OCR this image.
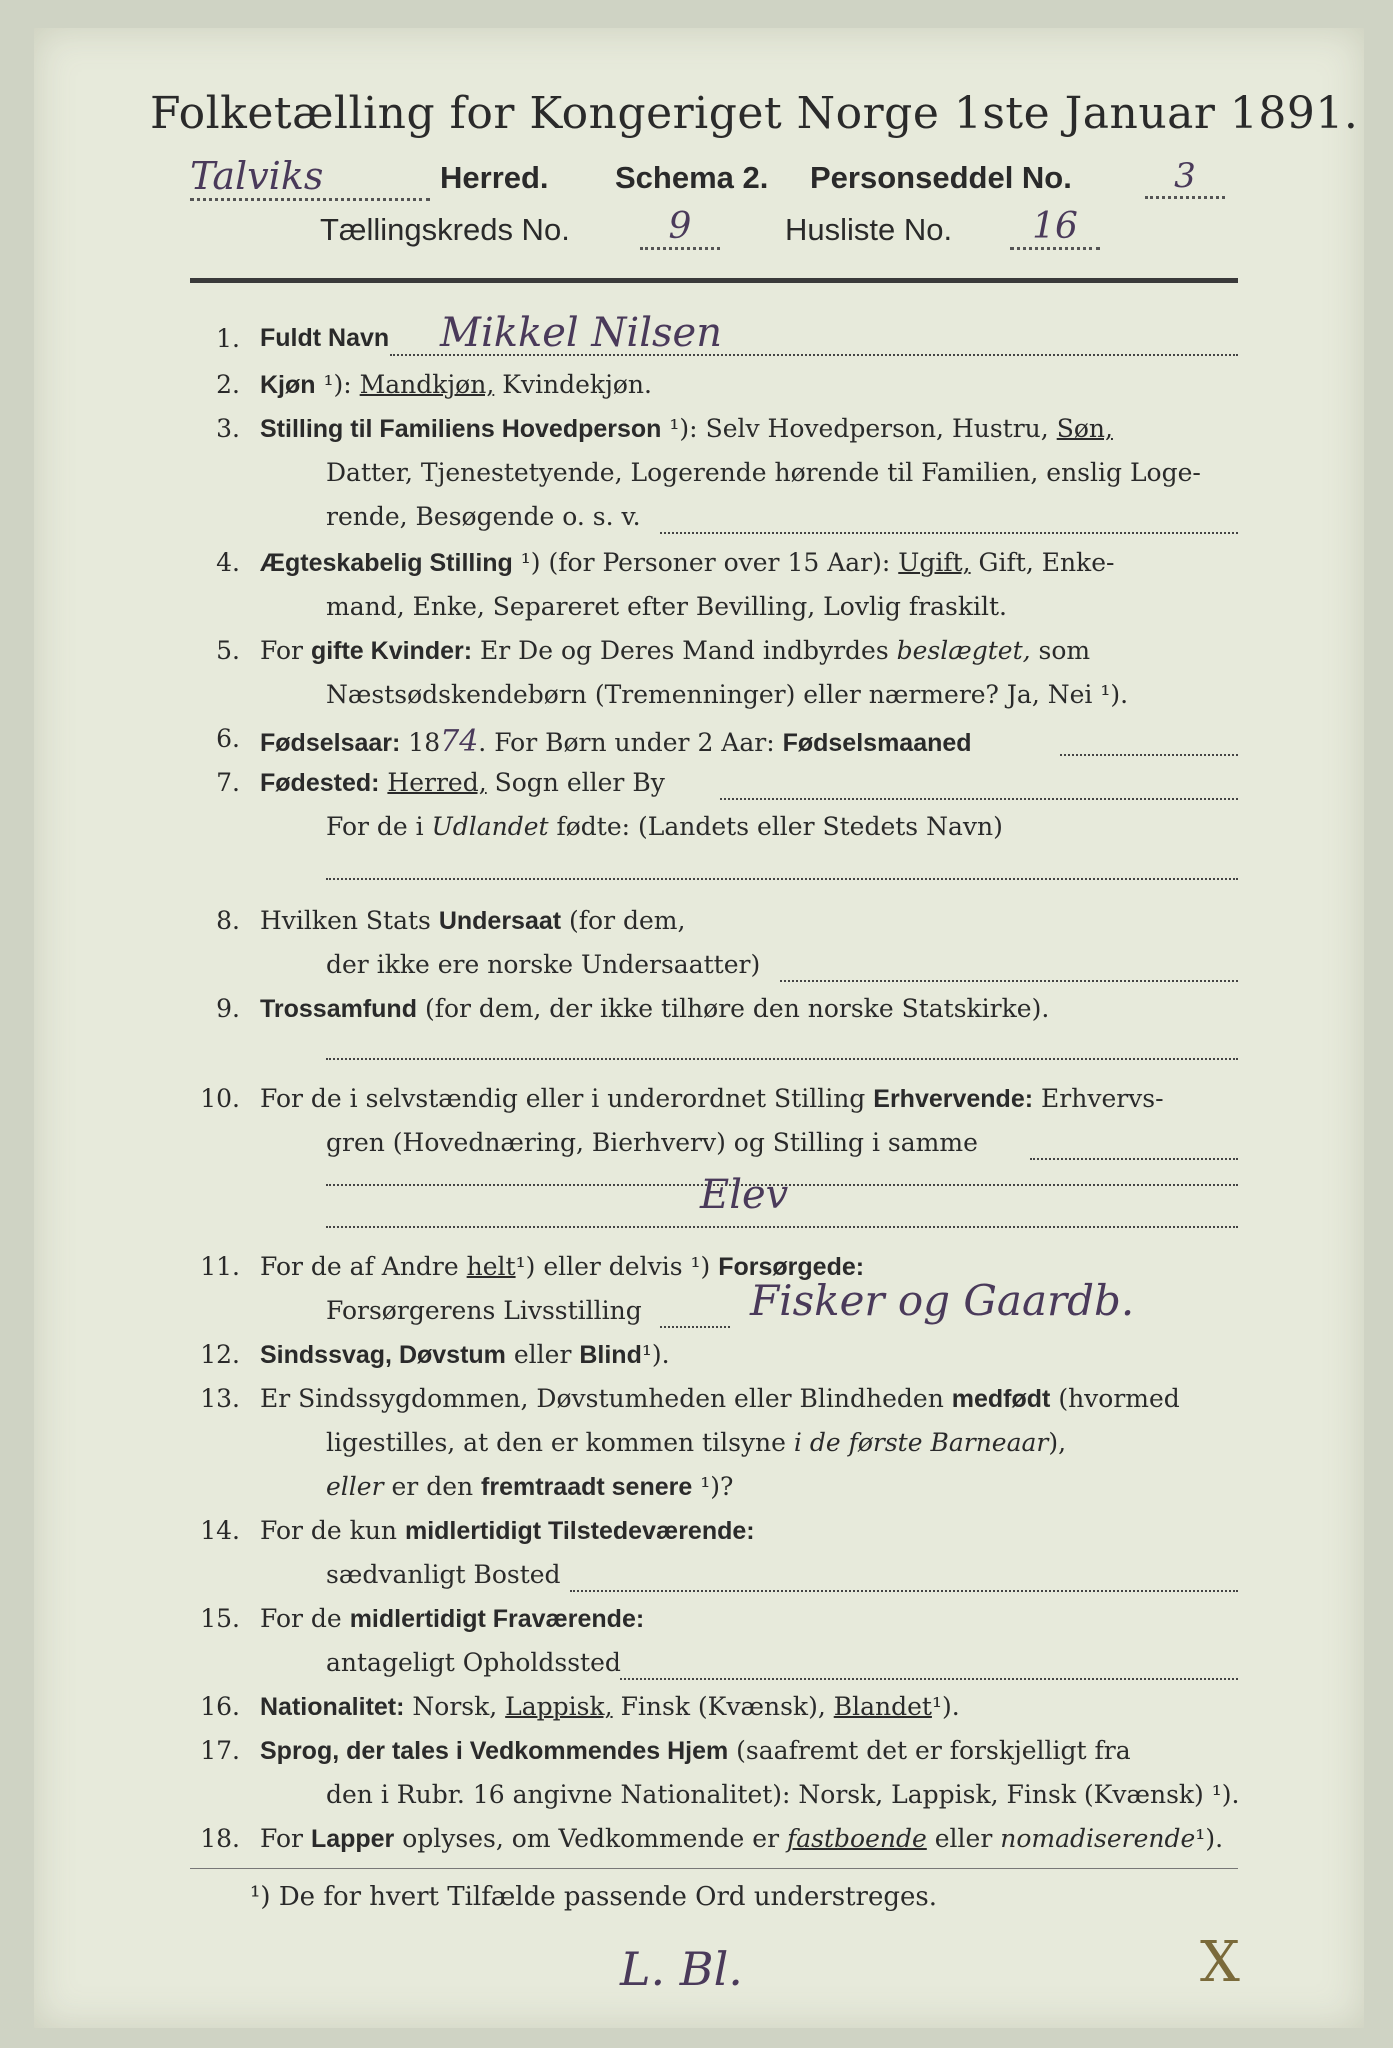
Folketælling for Kongeriget Norge 1ste Januar 1891.
Talviks	Herred. Schema 2. Personseddel No.	3
Tællingskreds No.	9	Husliste No.	16
1. Fuldt Navn Mikkel Nilsen
2. Kjøn ¹): Mandkjøn, Kvindekjøn.
3. Stilling til Familiens Hovedperson ¹): Selv Hovedperson, Hustru, Søn,
Datter, Tjenestetyende, Logerende hørende til Familien, enslig Loge-
rende, Besøgende o. s. v.
4. Ægteskabelig Stilling ¹) (for Personer over 15 Aar): Ugift, Gift, Enke-
mand, Enke, Separeret efter Bevilling, Lovlig fraskilt.
5. For gifte Kvinder: Er De og Deres Mand indbyrdes beslægtet, som
Næstsødskendebørn (Tremenninger) eller nærmere? Ja, Nei ¹).
6. Fødselsaar: 1874. For Børn under 2 Aar: Fødselsmaaned
7. Fødested: Herred, Sogn eller By
For de i Udlandet fødte: (Landets eller Stedets Navn)
8. Hvilken Stats Undersaat (for dem,
der ikke ere norske Undersaatter)
9. Trossamfund (for dem, der ikke tilhøre den norske Statskirke).
10. For de i selvstændig eller i underordnet Stilling Erhvervende: Erhvervs-
gren (Hovednæring, Bierhverv) og Stilling i samme
Elev
11. For de af Andre helt¹) eller delvis ¹) Forsørgede:
Forsørgerens Livsstilling	Fisker og Gaardb.
12. Sindssvag, Døvstum eller Blind¹).
13. Er Sindssygdommen, Døvstumheden eller Blindheden medfødt (hvormed
ligestilles, at den er kommen tilsyne i de første Barneaar),
eller er den fremtraadt senere ¹)?
14. For de kun midlertidigt Tilstedeværende:
sædvanligt Bosted
15. For de midlertidigt Fraværende:
antageligt Opholdssted
16. Nationalitet: Norsk, Lappisk, Finsk (Kvænsk), Blandet¹).
17. Sprog, der tales i Vedkommendes Hjem (saafremt det er forskjelligt fra
den i Rubr. 16 angivne Nationalitet): Norsk, Lappisk, Finsk (Kvænsk) ¹).
18. For Lapper oplyses, om Vedkommende er fastboende eller nomadiserende¹).
¹) De for hvert Tilfælde passende Ord understreges.
L. Bl.	X
